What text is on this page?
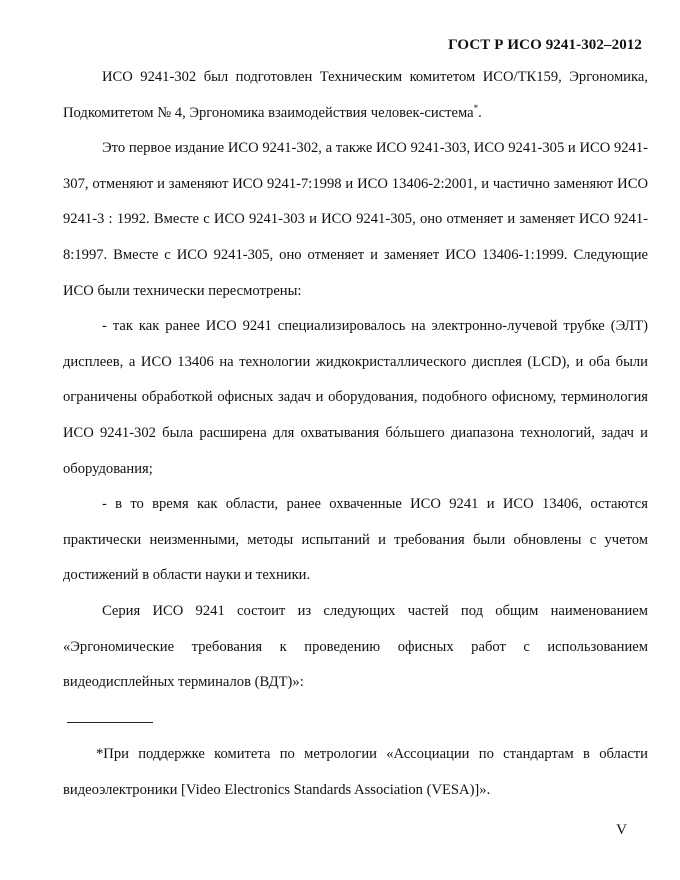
ГОСТ Р ИСО 9241-302–2012

ИСО 9241-302 был подготовлен Техническим комитетом ИСО/ТК159, Эргономика, Подкомитетом № 4, Эргономика взаимодействия человек-система*.

Это первое издание ИСО 9241-302, а также ИСО 9241-303, ИСО 9241-305 и ИСО 9241-307, отменяют и заменяют ИСО 9241-7:1998 и ИСО 13406-2:2001, и частично заменяют ИСО 9241-3 : 1992. Вместе с ИСО 9241-303 и ИСО 9241-305, оно отменяет и заменяет ИСО 9241-8:1997. Вместе с ИСО 9241-305, оно отменяет и заменяет ИСО 13406-1:1999. Следующие ИСО были технически пересмотрены:

- так как ранее ИСО 9241 специализировалось на электронно-лучевой трубке (ЭЛТ) дисплеев, а ИСО 13406 на технологии жидкокристаллического дисплея (LCD), и оба были ограничены обработкой офисных задач и оборудования, подобного офисному, терминология ИСО 9241-302 была расширена для охватывания бóльшего диапазона технологий, задач и оборудования;

- в то время как области, ранее охваченные ИСО 9241 и ИСО 13406, остаются практически неизменными, методы испытаний и требования были обновлены с учетом достижений в области науки и техники.

Серия ИСО 9241 состоит из следующих частей под общим наименованием «Эргономические требования к проведению офисных работ с использованием видеодисплейных терминалов (ВДТ)»:

*При поддержке комитета по метрологии «Ассоциации по стандартам в области видеоэлектроники [Video Electronics Standards Association (VESA)]».

V
